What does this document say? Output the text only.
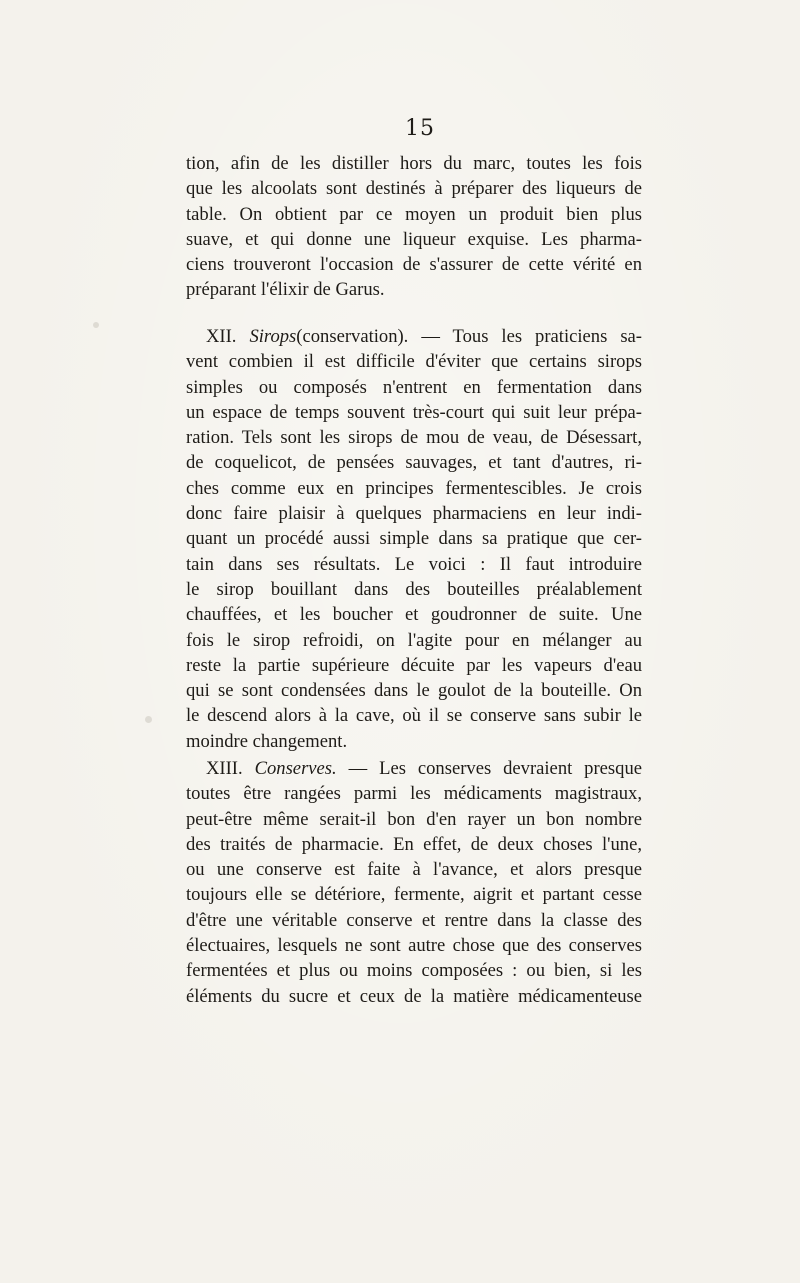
15
tion, afin de les distiller hors du marc, toutes les fois
que les alcoolats sont destinés à préparer des liqueurs de
table. On obtient par ce moyen un produit bien plus
suave, et qui donne une liqueur exquise. Les pharma-
ciens trouveront l'occasion de s'assurer de cette vérité en
préparant l'élixir de Garus.
XII. Sirops(conservation). — Tous les praticiens sa-
vent combien il est difficile d'éviter que certains sirops
simples ou composés n'entrent en fermentation dans
un espace de temps souvent très-court qui suit leur prépa-
ration. Tels sont les sirops de mou de veau, de Désessart,
de coquelicot, de pensées sauvages, et tant d'autres, ri-
ches comme eux en principes fermentescibles. Je crois
donc faire plaisir à quelques pharmaciens en leur indi-
quant un procédé aussi simple dans sa pratique que cer-
tain dans ses résultats. Le voici : Il faut introduire
le sirop bouillant dans des bouteilles préalablement
chauffées, et les boucher et goudronner de suite. Une
fois le sirop refroidi, on l'agite pour en mélanger au
reste la partie supérieure décuite par les vapeurs d'eau
qui se sont condensées dans le goulot de la bouteille. On
le descend alors à la cave, où il se conserve sans subir le
moindre changement.
XIII. Conserves. — Les conserves devraient presque
toutes être rangées parmi les médicaments magistraux,
peut-être même serait-il bon d'en rayer un bon nombre
des traités de pharmacie. En effet, de deux choses l'une,
ou une conserve est faite à l'avance, et alors presque
toujours elle se détériore, fermente, aigrit et partant cesse
d'être une véritable conserve et rentre dans la classe des
électuaires, lesquels ne sont autre chose que des conserves
fermentées et plus ou moins composées : ou bien, si les
éléments du sucre et ceux de la matière médicamenteuse
